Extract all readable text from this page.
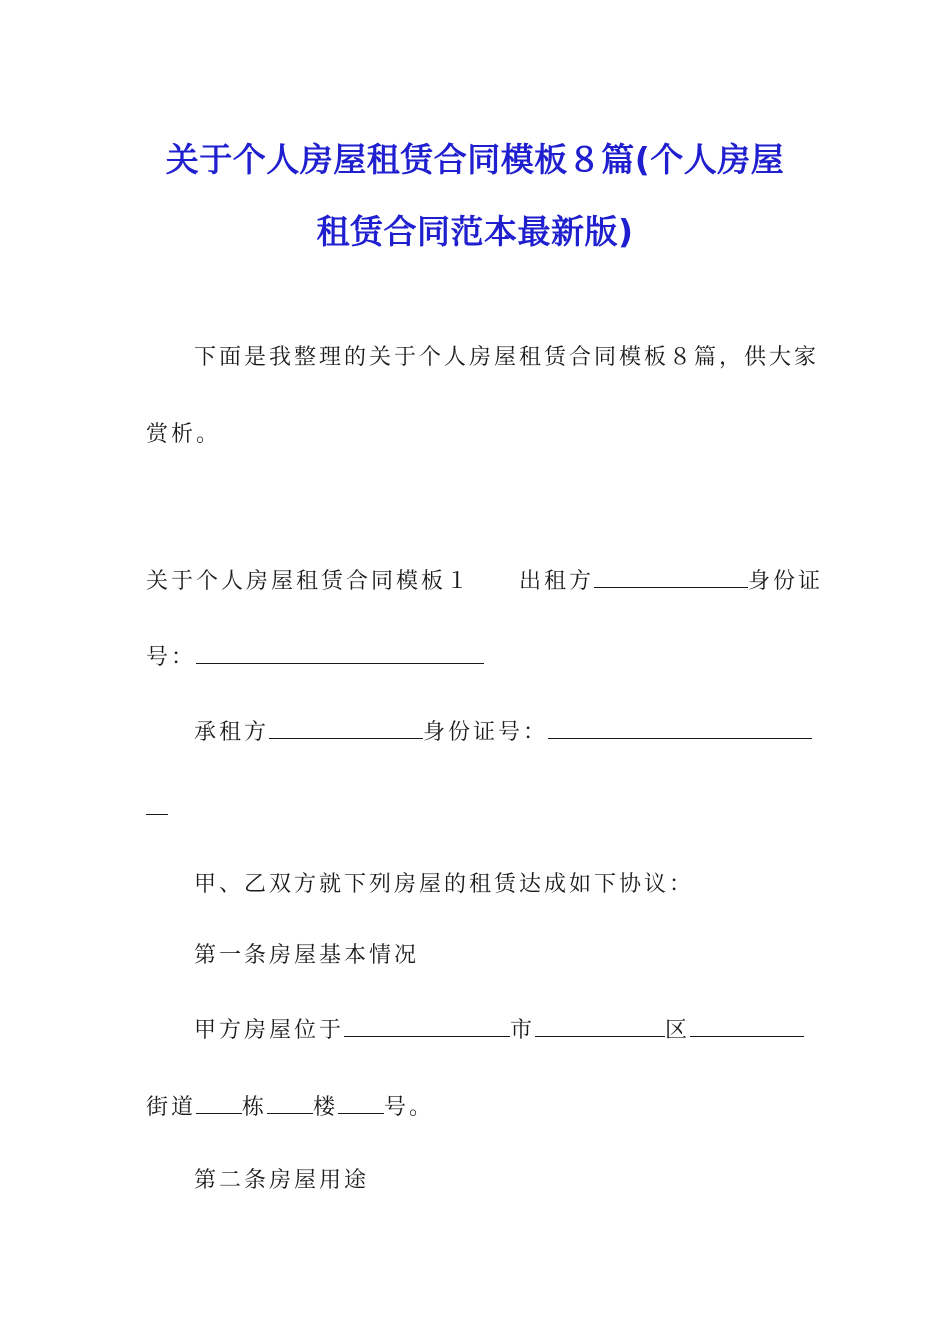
关于个人房屋租赁合同模板８篇(个人房屋
租赁合同范本最新版)
下面是我整理的关于个人房屋租赁合同模板８篇，供大家
赏析。
关于个人房屋租赁合同模板１ 出租方	身份证
号：
承租方	身份证号：
甲、乙双方就下列房屋的租赁达成如下协议：
第一条房屋基本情况
甲方房屋位于	市	区
街道 栋 楼 号。
第二条房屋用途
